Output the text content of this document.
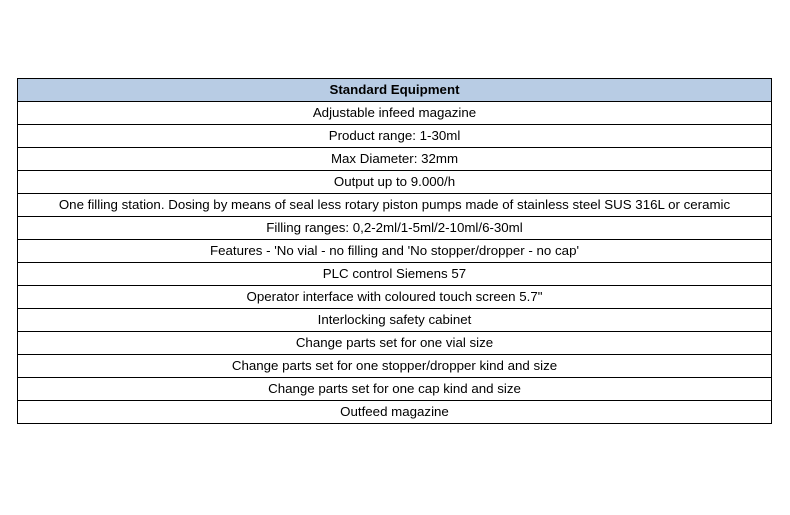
Standard Equipment
Adjustable infeed magazine
Product range: 1-30ml
Max Diameter: 32mm
Output up to 9.000/h
One filling station. Dosing by means of seal less rotary piston pumps made of stainless steel SUS 316L or ceramic
Filling ranges: 0,2-2ml/1-5ml/2-10ml/6-30ml
Features - 'No vial - no filling and 'No stopper/dropper - no cap'
PLC control Siemens 57
Operator interface with coloured touch screen 5.7"
Interlocking safety cabinet
Change parts set for one vial size
Change parts set for one stopper/dropper kind and size
Change parts set for one cap kind and size
Outfeed magazine
